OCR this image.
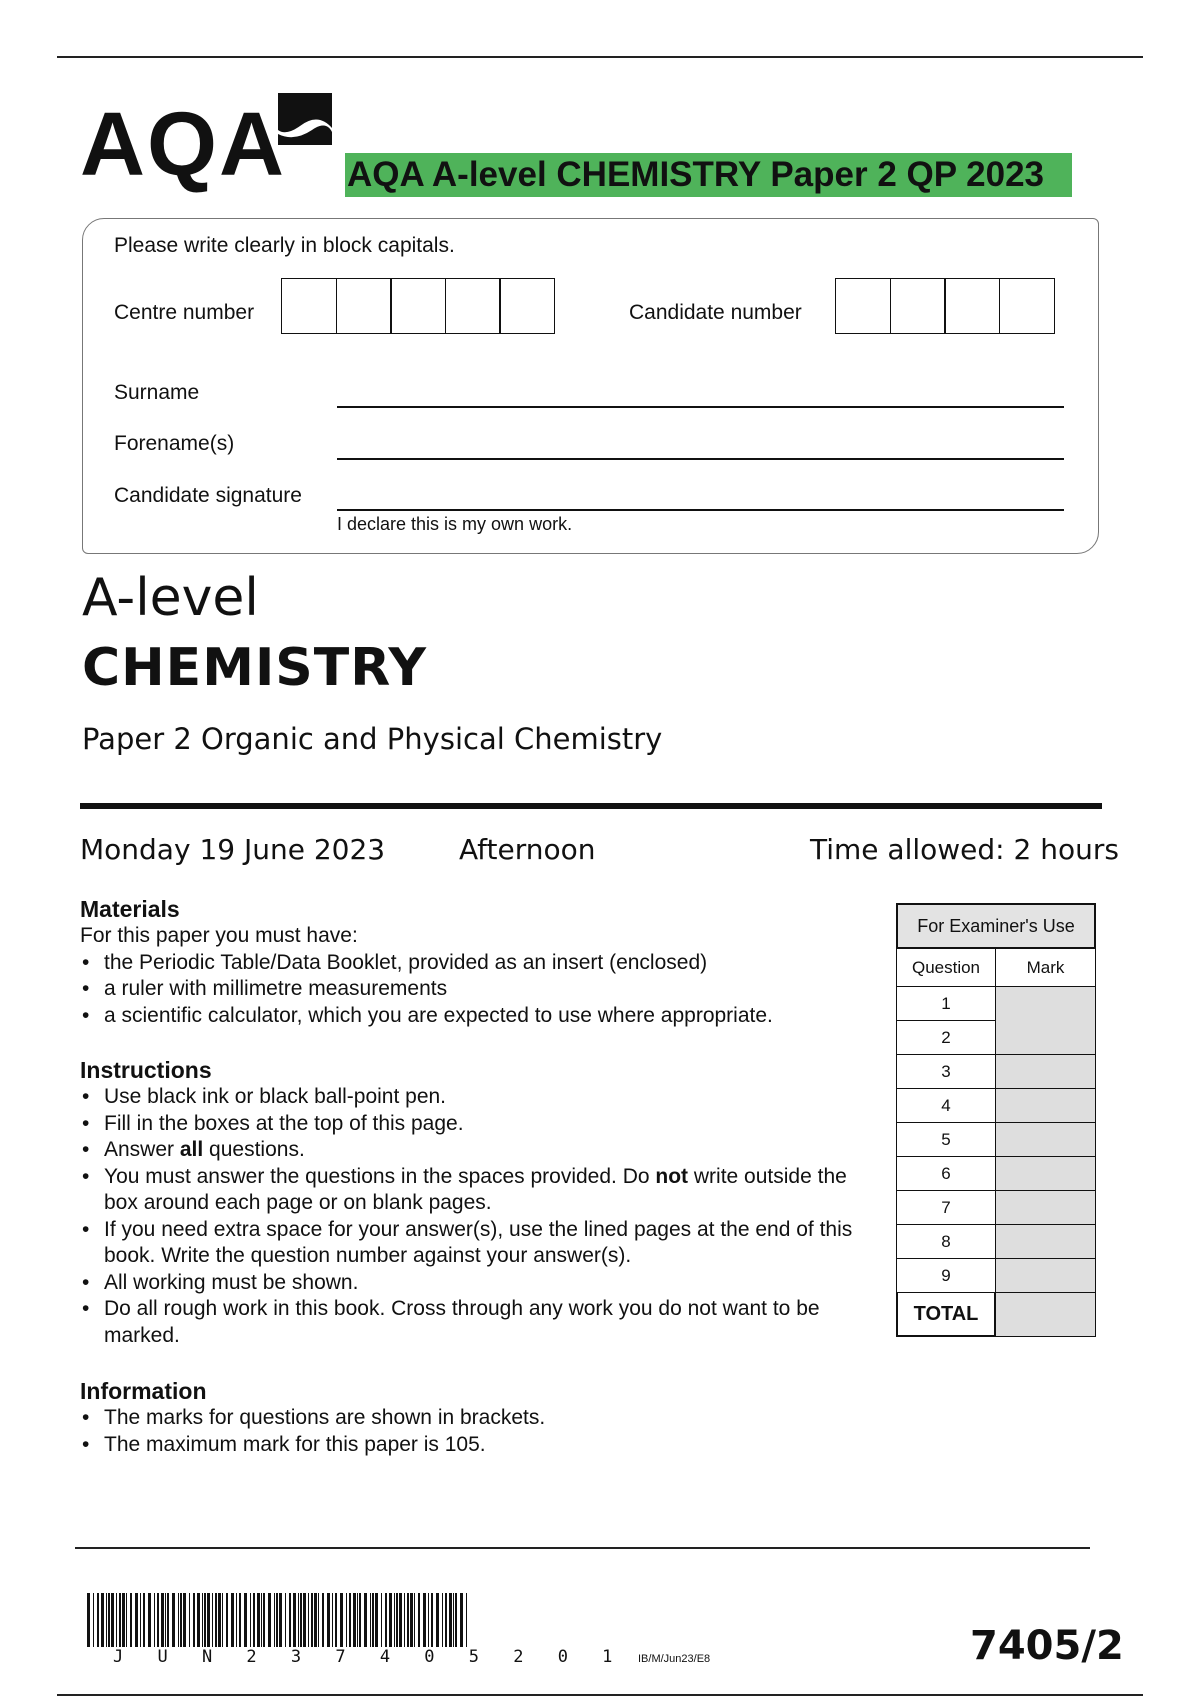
AQA AQA A-level CHEMISTRY Paper 2 QP 2023
Please write clearly in block capitals.
Centre number	Candidate number
Surname
Forename(s)
Candidate signature
I declare this is my own work.
A-level
CHEMISTRY
Paper 2 Organic and Physical Chemistry
Monday 19 June 2023	Afternoon	Time allowed: 2 hours
Materials
For this paper you must have:
• the Periodic Table/Data Booklet, provided as an insert (enclosed)
• a ruler with millimetre measurements
• a scientific calculator, which you are expected to use where appropriate.
Instructions
• Use black ink or black ball-point pen.
• Fill in the boxes at the top of this page.
• Answer all questions.
• You must answer the questions in the spaces provided. Do not write outside the box around each page or on blank pages.
• If you need extra space for your answer(s), use the lined pages at the end of this book. Write the question number against your answer(s).
• All working must be shown.
• Do all rough work in this book. Cross through any work you do not want to be marked.
Information
• The marks for questions are shown in brackets.
• The maximum mark for this paper is 105.
For Examiner's Use
Question	Mark
1
2
3
4
5
6
7
8
9
TOTAL
J U N 2 3 7 4 0 5 2 0 1 IB/M/Jun23/E8	7405/2
